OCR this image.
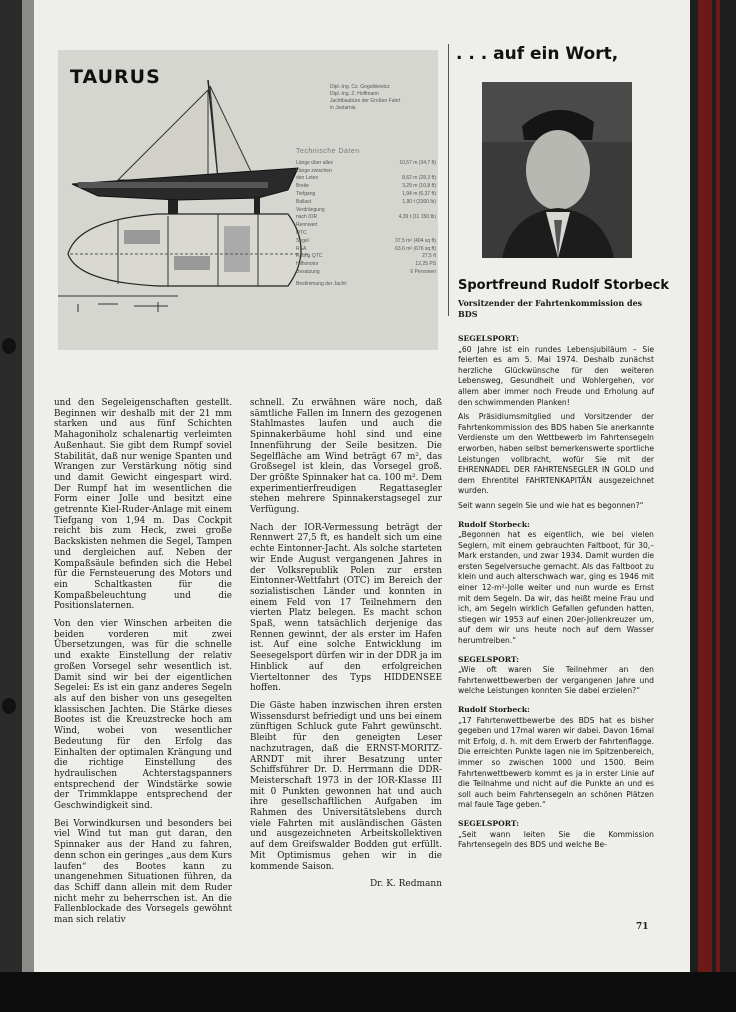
TAURUS	Dipl.-Ing. Cz. Gogolkiewicz
Dipl.-Ing. Z. Hoffmann
Jachtbaubüro der Großen Fahrt
in Jastarnia
Technische Daten
Länge über alles	10,57 m (34,7 ft)
Länge zwischen
den Loten	8,62 m (28,3 ft)
Breite	3,29 m (10,8 ft)
Tiefgang	1,94 m (6,37 ft)
Ballast	1,90 t (3300 lb)
Verdrängung
nach IOR	4,39 t (11 150 lb)
Rennwert
QTC
Segel	37,5 m² (404 sq ft)
RSA	63,6 m² (676 sq ft)
Rating QTC	27,5 ft
Hilfsmotor	12,25 PS
Besatzung	6 Personen
Bestimmung der Jacht:
. . . auf ein Wort,
Sportfreund Rudolf Storbeck
Vorsitzender der Fahrtenkommission des BDS

und den Segeleigenschaften gestellt. Beginnen wir deshalb mit der 21 mm starken und aus fünf Schichten Mahagoniholz schalenartig verleimten Außenhaut. Sie gibt dem Rumpf soviel Stabilität, daß nur wenige Spanten und Wrangen zur Verstärkung nötig sind und damit Gewicht eingespart wird. Der Rumpf hat im wesentlichen die Form einer Jolle und besitzt eine getrennte Kiel-Ruder-Anlage mit einem Tiefgang von 1,94 m. Das Cockpit reicht bis zum Heck, zwei große Backskisten nehmen die Segel, Tampen und dergleichen auf. Neben der Kompaßsäule befinden sich die Hebel für die Fernsteuerung des Motors und ein Schaltkasten für die Kompaßbeleuchtung und die Positionslaternen.

Von den vier Winschen arbeiten die beiden vorderen mit zwei Übersetzungen, was für die schnelle und exakte Einstellung der relativ großen Vorsegel sehr wesentlich ist. Damit sind wir bei der eigentlichen Segelei: Es ist ein ganz anderes Segeln als auf den bisher von uns gesegelten klassischen Jachten. Die Stärke dieses Bootes ist die Kreuzstrecke hoch am Wind, wobei von wesentlicher Bedeutung für den Erfolg das Einhalten der optimalen Krängung und die richtige Einstellung des hydraulischen Achterstagspanners entsprechend der Windstärke sowie der Trimmklappe entsprechend der Geschwindigkeit sind.

Bei Vorwindkursen und besonders bei viel Wind tut man gut daran, den Spinnaker aus der Hand zu fahren, denn schon ein geringes „aus dem Kurs laufen“ des Bootes kann zu unangenehmen Situationen führen, da das Schiff dann allein mit dem Ruder nicht mehr zu beherrschen ist. An die Fallenblockade des Vorsegels gewöhnt man sich relativ

schnell. Zu erwähnen wäre noch, daß sämtliche Fallen im Innern des gezogenen Stahlmastes laufen und auch die Spinnakerbäume hohl sind und eine Innenführung der Seile besitzen. Die Segelfläche am Wind beträgt 67 m², das Großsegel ist klein, das Vorsegel groß. Der größte Spinnaker hat ca. 100 m². Dem experimentierfreudigen Regattasegler stehen mehrere Spinnakerstagsegel zur Verfügung.

Nach der IOR-Vermessung beträgt der Rennwert 27,5 ft, es handelt sich um eine echte Eintonner-Jacht. Als solche starteten wir Ende August vergangenen Jahres in der Volksrepublik Polen zur ersten Eintonner-Wettfahrt (OTC) im Bereich der sozialistischen Länder und konnten in einem Feld von 17 Teilnehmern den vierten Platz belegen. Es macht schon Spaß, wenn tatsächlich derjenige das Rennen gewinnt, der als erster im Hafen ist. Auf eine solche Entwicklung im Seesegelsport dürfen wir in der DDR ja im Hinblick auf den erfolgreichen Vierteltonner des Typs HIDDENSEE hoffen.

Die Gäste haben inzwischen ihren ersten Wissensdurst befriedigt und uns bei einem zünftigen Schluck gute Fahrt gewünscht. Bleibt für den geneigten Leser nachzutragen, daß die ERNST-MORITZ-ARNDT mit ihrer Besatzung unter Schiffsführer Dr. D. Herrmann die DDR-Meisterschaft 1973 in der IOR-Klasse III mit 0 Punkten gewonnen hat und auch ihre gesellschaftlichen Aufgaben im Rahmen des Universitätslebens durch viele Fahrten mit ausländischen Gästen und ausgezeichneten Arbeitskollektiven auf dem Greifswalder Bodden gut erfüllt. Mit Optimismus gehen wir in die kommende Saison.

Dr. K. Redmann
SEGELSPORT:

„60 Jahre ist ein rundes Lebensjubiläum – Sie feierten es am 5. Mai 1974. Deshalb zunächst herzliche Glückwünsche für den weiteren Lebensweg, Gesundheit und Wohlergehen, vor allem aber immer noch Freude und Erholung auf den schwimmenden Planken!

Als Präsidiumsmitglied und Vorsitzender der Fahrtenkommission des BDS haben Sie anerkannte Verdienste um den Wettbewerb im Fahrtensegeln erworben, haben selbst bemerkenswerte sportliche Leistungen vollbracht, wofür Sie mit der EHRENNADEL DER FAHRTENSEGLER IN GOLD und dem Ehrentitel FAHRTENKAPITÄN ausgezeichnet wurden.

Seit wann segeln Sie und wie hat es begonnen?“

Rudolf Storbeck:

„Begonnen hat es eigentlich, wie bei vielen Seglern, mit einem gebrauchten Faltboot, für 30,– Mark erstanden, und zwar 1934. Damit wurden die ersten Segelversuche gemacht. Als das Faltboot zu klein und auch alterschwach war, ging es 1946 mit einer 12-m²-Jolle weiter und nun wurde es Ernst mit dem Segeln. Da wir, das heißt meine Frau und ich, am Segeln wirklich Gefallen gefunden hatten, stiegen wir 1953 auf einen 20er-Jollenkreuzer um, auf dem wir uns heute noch auf dem Wasser herumtreiben.“

SEGELSPORT:

„Wie oft waren Sie Teilnehmer an den Fahrtenwettbewerben der vergangenen Jahre und welche Leistungen konnten Sie dabei erzielen?“

Rudolf Storbeck:

„17 Fahrtenwettbewerbe des BDS hat es bisher gegeben und 17mal waren wir dabei. Davon 16mal mit Erfolg, d. h. mit dem Erwerb der Fahrtenflagge. Die erreichten Punkte lagen nie im Spitzenbereich, immer so zwischen 1000 und 1500. Beim Fahrtenwettbewerb kommt es ja in erster Linie auf die Teilnahme und nicht auf die Punkte an und es soll auch beim Fahrtensegeln an schönen Plätzen mal faule Tage geben.“

SEGELSPORT:

„Seit wann leiten Sie die Kommission Fahrtensegeln des BDS und welche Be-

71
